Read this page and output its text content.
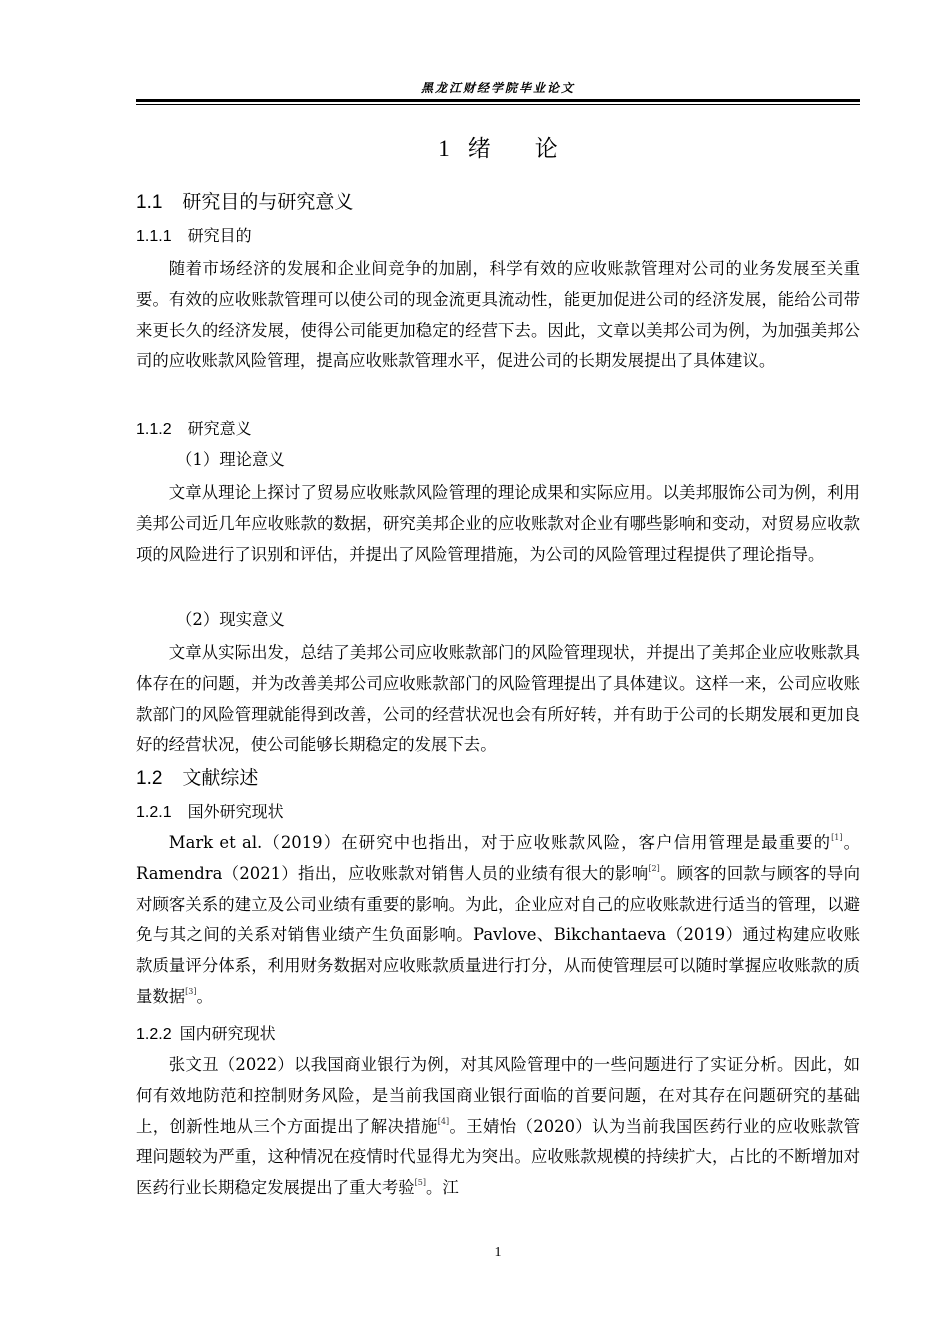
黑龙江财经学院毕业论文
1 绪 论
1.1 研究目的与研究意义
1.1.1 研究目的

随着市场经济的发展和企业间竞争的加剧，科学有效的应收账款管理对公司的业务发展至关重要。有效的应收账款管理可以使公司的现金流更具流动性，能更加促进公司的经济发展，能给公司带来更长久的经济发展，使得公司能更加稳定的经营下去。因此，文章以美邦公司为例，为加强美邦公司的应收账款风险管理，提高应收账款管理水平，促进公司的长期发展提出了具体建议。

1.1.2 研究意义
（1）理论意义

文章从理论上探讨了贸易应收账款风险管理的理论成果和实际应用。以美邦服饰公司为例，利用美邦公司近几年应收账款的数据，研究美邦企业的应收账款对企业有哪些影响和变动，对贸易应收款项的风险进行了识别和评估，并提出了风险管理措施，为公司的风险管理过程提供了理论指导。

（2）现实意义

文章从实际出发，总结了美邦公司应收账款部门的风险管理现状，并提出了美邦企业应收账款具体存在的问题，并为改善美邦公司应收账款部门的风险管理提出了具体建议。这样一来，公司应收账款部门的风险管理就能得到改善，公司的经营状况也会有所好转，并有助于公司的长期发展和更加良好的经营状况，使公司能够长期稳定的发展下去。

1.2 文献综述
1.2.1 国外研究现状

Mark et al.（2019）在研究中也指出，对于应收账款风险，客户信用管理是最重要的[1]。Ramendra（2021）指出，应收账款对销售人员的业绩有很大的影响[2]。顾客的回款与顾客的导向对顾客关系的建立及公司业绩有重要的影响。为此，企业应对自己的应收账款进行适当的管理，以避免与其之间的关系对销售业绩产生负面影响。Pavlove、Bikchantaeva（2019）通过构建应收账款质量评分体系，利用财务数据对应收账款质量进行打分，从而使管理层可以随时掌握应收账款的质量数据[3]。

1.2.2 国内研究现状

张文丑（2022）以我国商业银行为例，对其风险管理中的一些问题进行了实证分析。因此，如何有效地防范和控制财务风险，是当前我国商业银行面临的首要问题，在对其存在问题研究的基础上，创新性地从三个方面提出了解决措施[4]。王婧怡（2020）认为当前我国医药行业的应收账款管理问题较为严重，这种情况在疫情时代显得尤为突出。应收账款规模的持续扩大，占比的不断增加对医药行业长期稳定发展提出了重大考验[5]。江

1
